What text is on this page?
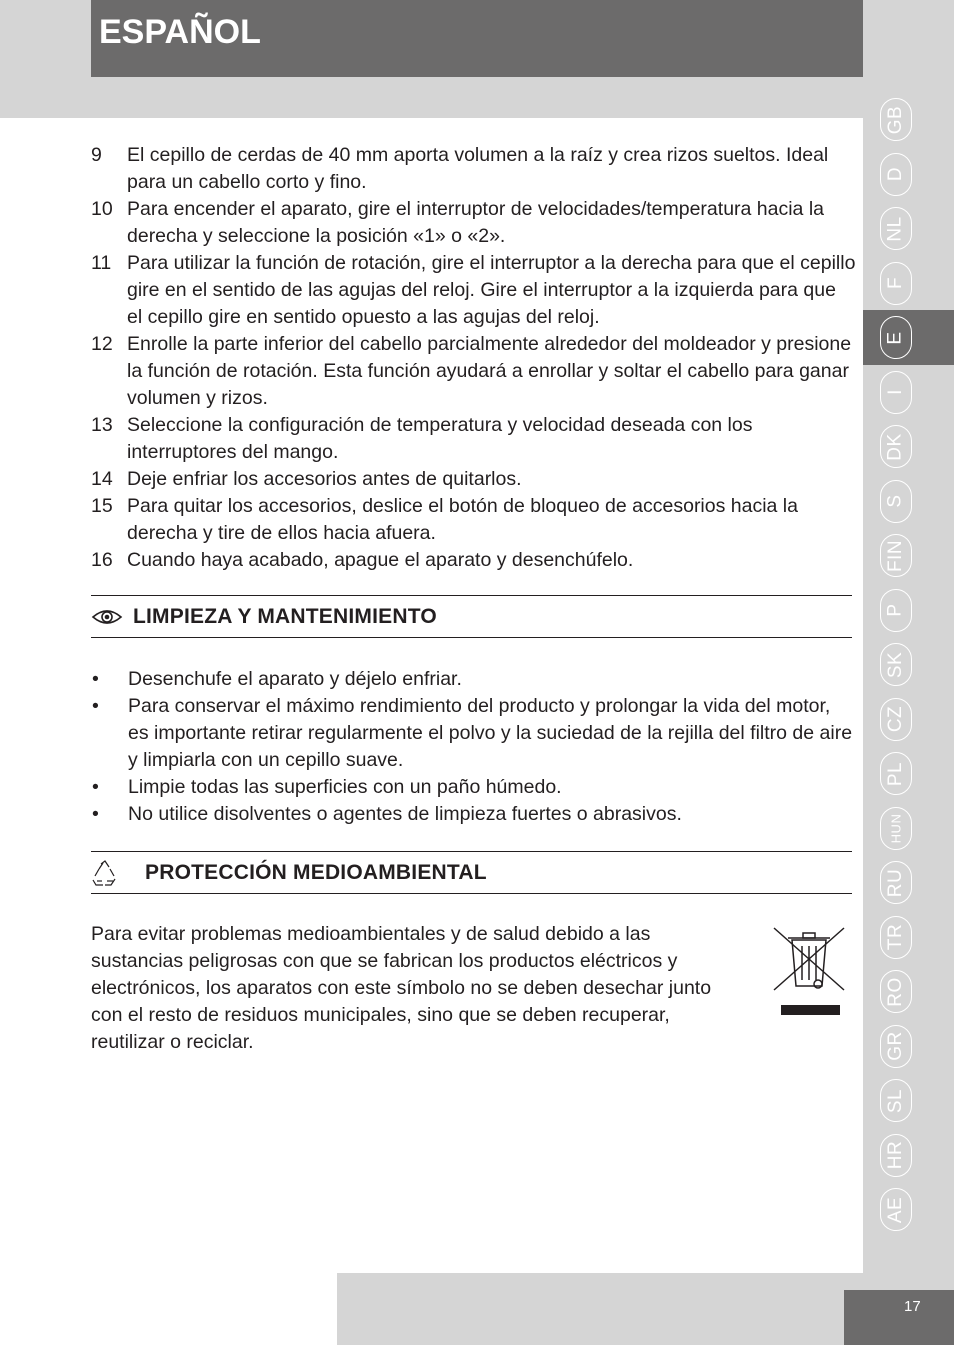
ESPAÑOL
9	El cepillo de cerdas de 40 mm aporta volumen a la raíz y crea rizos sueltos. Ideal para un cabello corto y fino.
10 Para encender el aparato, gire el interruptor de velocidades/temperatura hacia la derecha y seleccione la posición «1» o «2».
11 Para utilizar la función de rotación, gire el interruptor a la derecha para que el cepillo gire en el sentido de las agujas del reloj. Gire el interruptor a la izquierda para que el cepillo gire en sentido opuesto a las agujas del reloj.
12 Enrolle la parte inferior del cabello parcialmente alrededor del moldeador y presione la función de rotación. Esta función ayudará a enrollar y soltar el cabello para ganar volumen y rizos.
13 Seleccione la configuración de temperatura y velocidad deseada con los interruptores del mango.
14 Deje enfriar los accesorios antes de quitarlos.
15 Para quitar los accesorios, deslice el botón de bloqueo de accesorios hacia la derecha y tire de ellos hacia afuera.
16 Cuando haya acabado, apague el aparato y desenchúfelo.
LIMPIEZA Y MANTENIMIENTO
•	Desenchufe el aparato y déjelo enfriar.
•	Para conservar el máximo rendimiento del producto y prolongar la vida del motor, es importante retirar regularmente el polvo y la suciedad de la rejilla del filtro de aire y limpiarla con un cepillo suave.
•	Limpie todas las superficies con un paño húmedo.
•	No utilice disolventes o agentes de limpieza fuertes o abrasivos.
PROTECCIÓN MEDIOAMBIENTAL

Para evitar problemas medioambientales y de salud debido a las sustancias peligrosas con que se fabrican los productos eléctricos y electrónicos, los aparatos con este símbolo no se deben desechar junto con el resto de residuos municipales, sino que se deben recuperar, reutilizar o reciclar.

GB
D
NL
F
E
I
DK
S
FIN
P
SK
CZ
PL
HUN
RU
TR
RO
GR
SL
HR
AE
17
